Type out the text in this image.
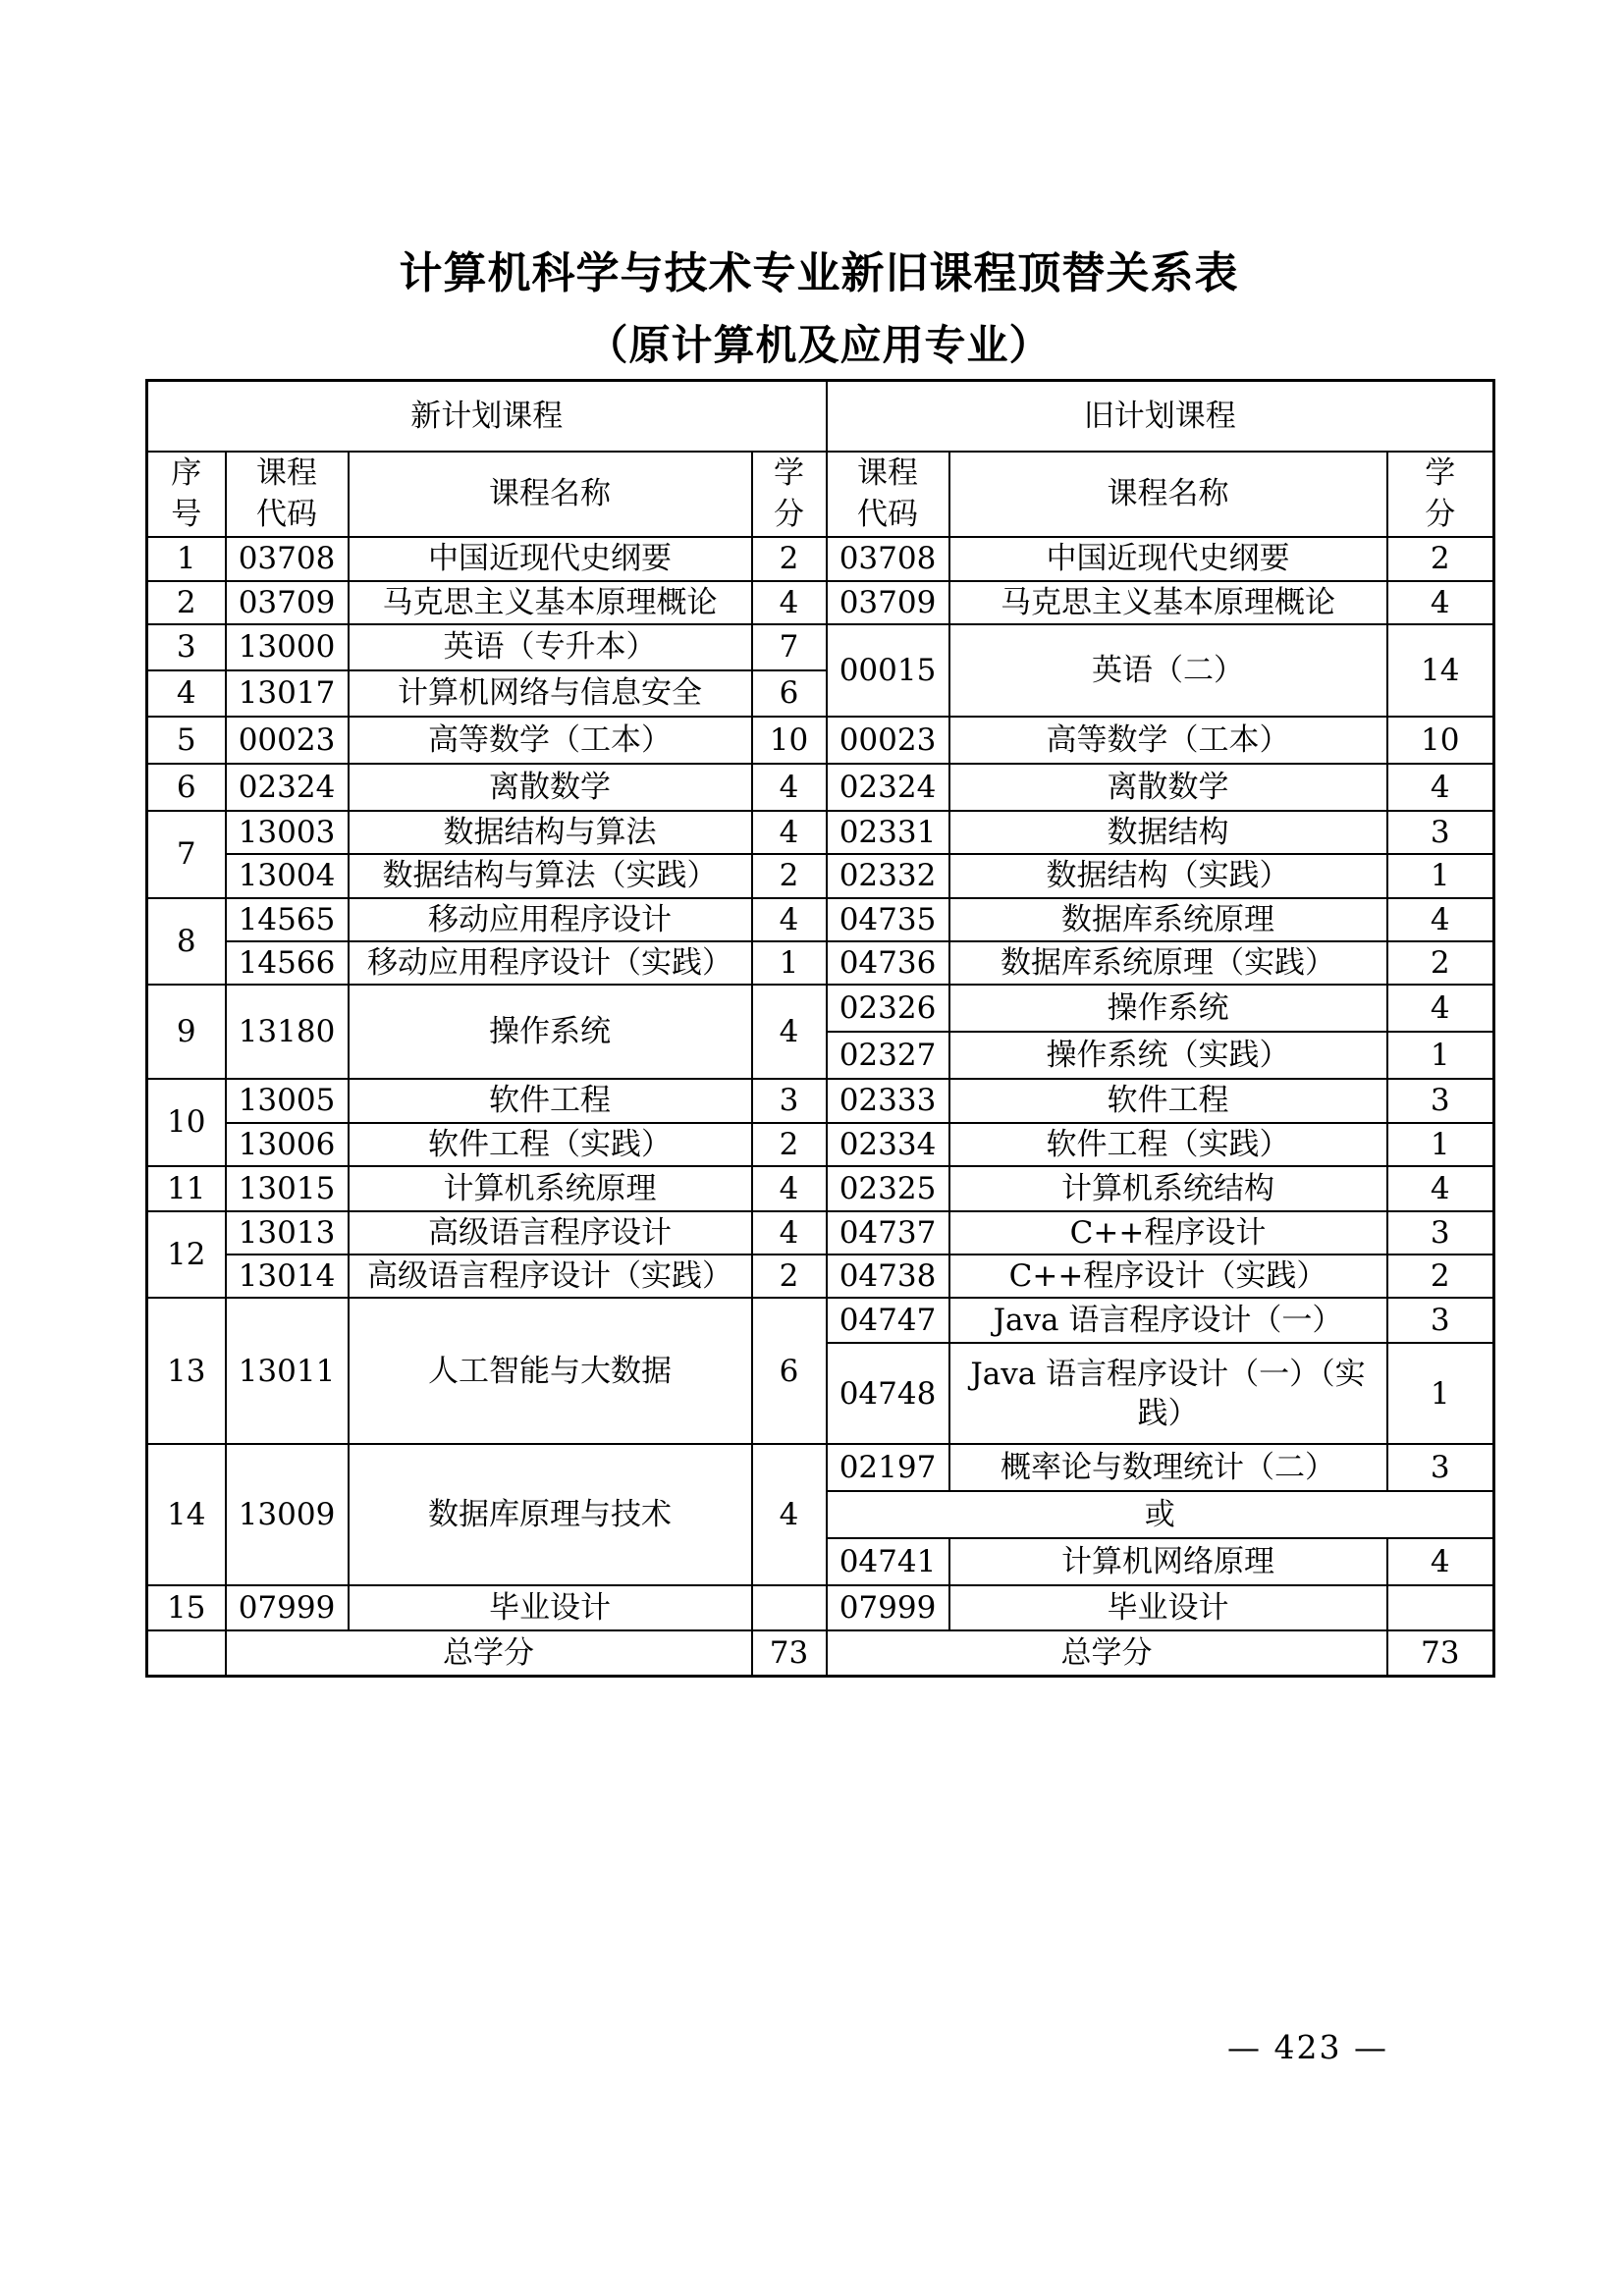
计算机科学与技术专业新旧课程顶替关系表
（原计算机及应用专业）
新计划课程				旧计划课程		
序号	课程代码	课程名称	学分	课程代码	课程名称	学分
1	03708	中国近现代史纲要	2	03708	中国近现代史纲要	2
2	03709	马克思主义基本原理概论	4	03709	马克思主义基本原理概论	4
3	13000	英语（专升本）	7	00015	英语（二）	14
4	13017	计算机网络与信息安全	6			
5	00023	高等数学（工本）	10	00023	高等数学（工本）	10
6	02324	离散数学	4	02324	离散数学	4
7	13003	数据结构与算法	4	02331	数据结构	3
	13004	数据结构与算法（实践）	2	02332	数据结构（实践）	1
8	14565	移动应用程序设计	4	04735	数据库系统原理	4
	14566	移动应用程序设计（实践）	1	04736	数据库系统原理（实践）	2
9	13180	操作系统	4	02326	操作系统	4
				02327	操作系统（实践）	1
10	13005	软件工程	3	02333	软件工程	3
	13006	软件工程（实践）	2	02334	软件工程（实践）	1
11	13015	计算机系统原理	4	02325	计算机系统结构	4
12	13013	高级语言程序设计	4	04737	C++程序设计	3
	13014	高级语言程序设计（实践）	2	04738	C++程序设计（实践）	2
13	13011	人工智能与大数据	6	04747	Java 语言程序设计（一）	3
				04748	Java 语言程序设计（一）（实践）	1
14	13009	数据库原理与技术	4	02197	概率论与数理统计（二）	3
				或		
				04741	计算机网络原理	4
15	07999	毕业设计		07999	毕业设计	
	总学分		73	总学分		73
— 423 —
